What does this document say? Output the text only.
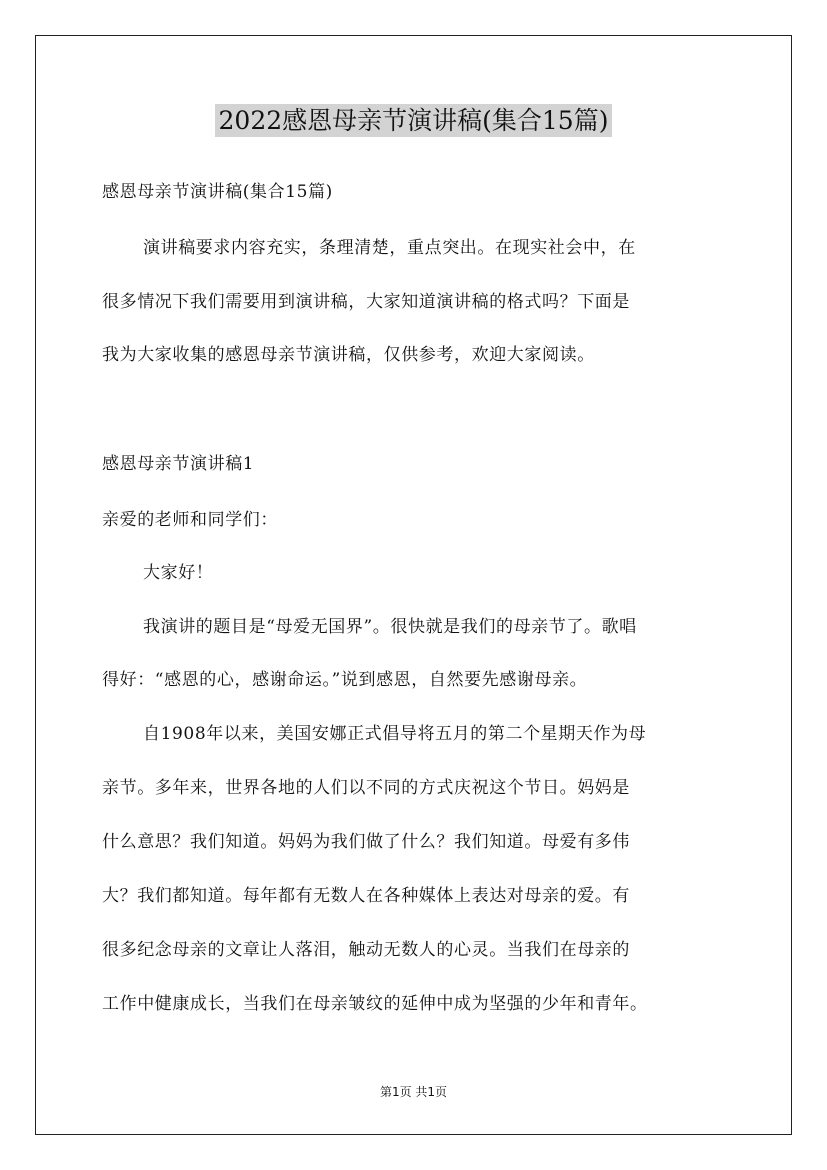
2022感恩母亲节演讲稿(集合15篇)
感恩母亲节演讲稿(集合15篇)
演讲稿要求内容充实，条理清楚，重点突出。在现实社会中，在
很多情况下我们需要用到演讲稿，大家知道演讲稿的格式吗？下面是
我为大家收集的感恩母亲节演讲稿，仅供参考，欢迎大家阅读。
感恩母亲节演讲稿1
亲爱的老师和同学们：
大家好！
我演讲的题目是“母爱无国界”。很快就是我们的母亲节了。歌唱
得好：“感恩的心，感谢命运。”说到感恩，自然要先感谢母亲。
自1908年以来，美国安娜正式倡导将五月的第二个星期天作为母
亲节。多年来，世界各地的人们以不同的方式庆祝这个节日。妈妈是
什么意思？我们知道。妈妈为我们做了什么？我们知道。母爱有多伟
大？我们都知道。每年都有无数人在各种媒体上表达对母亲的爱。有
很多纪念母亲的文章让人落泪，触动无数人的心灵。当我们在母亲的
工作中健康成长，当我们在母亲皱纹的延伸中成为坚强的少年和青年。
第1页 共1页
